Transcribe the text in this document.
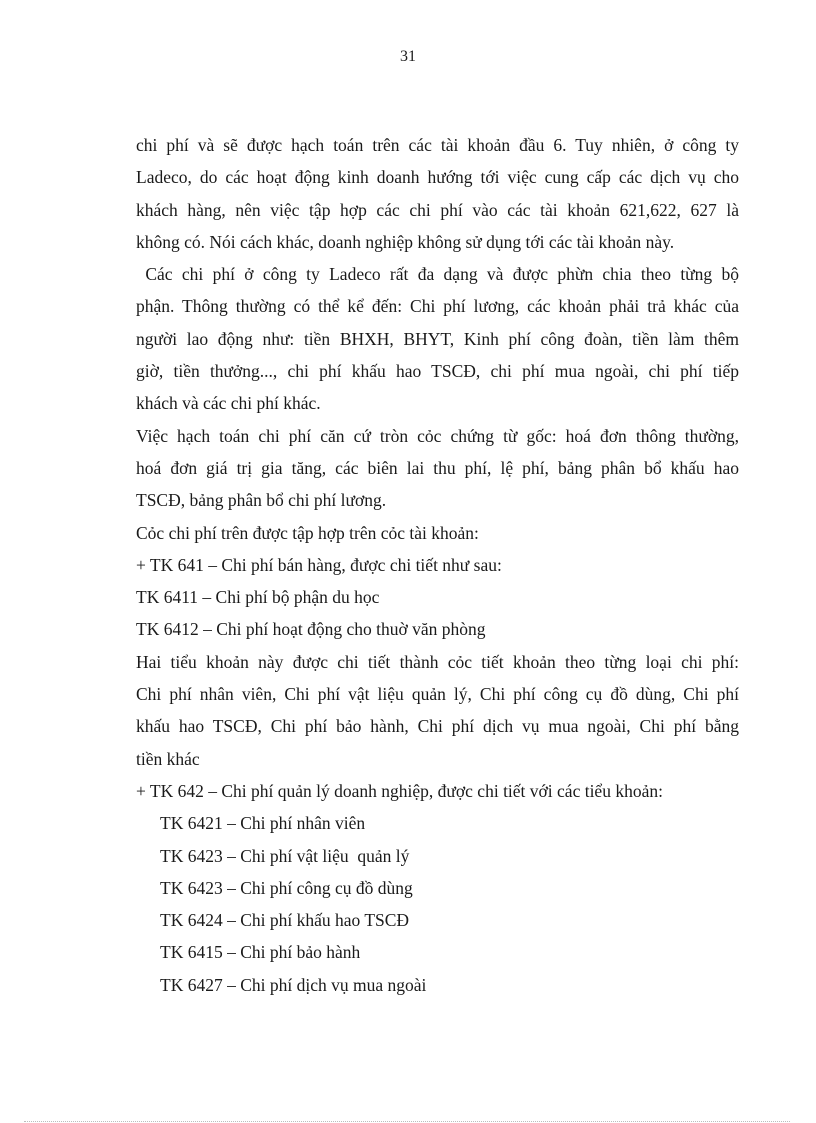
31
chi phí và sẽ được hạch toán trên các tài khoản đầu 6. Tuy nhiên, ở công ty
Ladeco, do các hoạt động kinh doanh hướng tới việc cung cấp các dịch vụ cho
khách hàng, nên việc tập hợp các chi phí vào các tài khoản 621,622, 627 là
không có. Nói cách khác, doanh nghiệp không sử dụng tới các tài khoản này.
Các chi phí ở công ty Ladeco rất đa dạng và được phừn chia theo từng bộ
phận. Thông thường có thể kể đến: Chi phí lương, các khoản phải trả khác của
người lao động như: tiền BHXH, BHYT, Kinh phí công đoàn, tiền làm thêm
giờ, tiền thưởng..., chi phí khấu hao TSCĐ, chi phí mua ngoài, chi phí tiếp
khách và các chi phí khác.
Việc hạch toán chi phí căn cứ tròn cỏc chứng từ gốc: hoá đơn thông thường,
hoá đơn giá trị gia tăng, các biên lai thu phí, lệ phí, bảng phân bổ khấu hao
TSCĐ, bảng phân bổ chi phí lương.
Cỏc chi phí trên được tập hợp trên cỏc tài khoản:
+ TK 641 – Chi phí bán hàng, được chi tiết như sau:
TK 6411 – Chi phí bộ phận du học
TK 6412 – Chi phí hoạt động cho thuờ văn phòng
Hai tiểu khoản này được chi tiết thành cỏc tiết khoản theo từng loại chi phí:
Chi phí nhân viên, Chi phí vật liệu quản lý, Chi phí công cụ đồ dùng, Chi phí
khấu hao TSCĐ, Chi phí bảo hành, Chi phí dịch vụ mua ngoài, Chi phí bằng
tiền khác
+ TK 642 – Chi phí quản lý doanh nghiệp, được chi tiết với các tiểu khoản:
TK 6421 – Chi phí nhân viên
TK 6423 – Chi phí vật liệu  quản lý
TK 6423 – Chi phí công cụ đồ dùng
TK 6424 – Chi phí khấu hao TSCĐ
TK 6415 – Chi phí bảo hành
TK 6427 – Chi phí dịch vụ mua ngoài
